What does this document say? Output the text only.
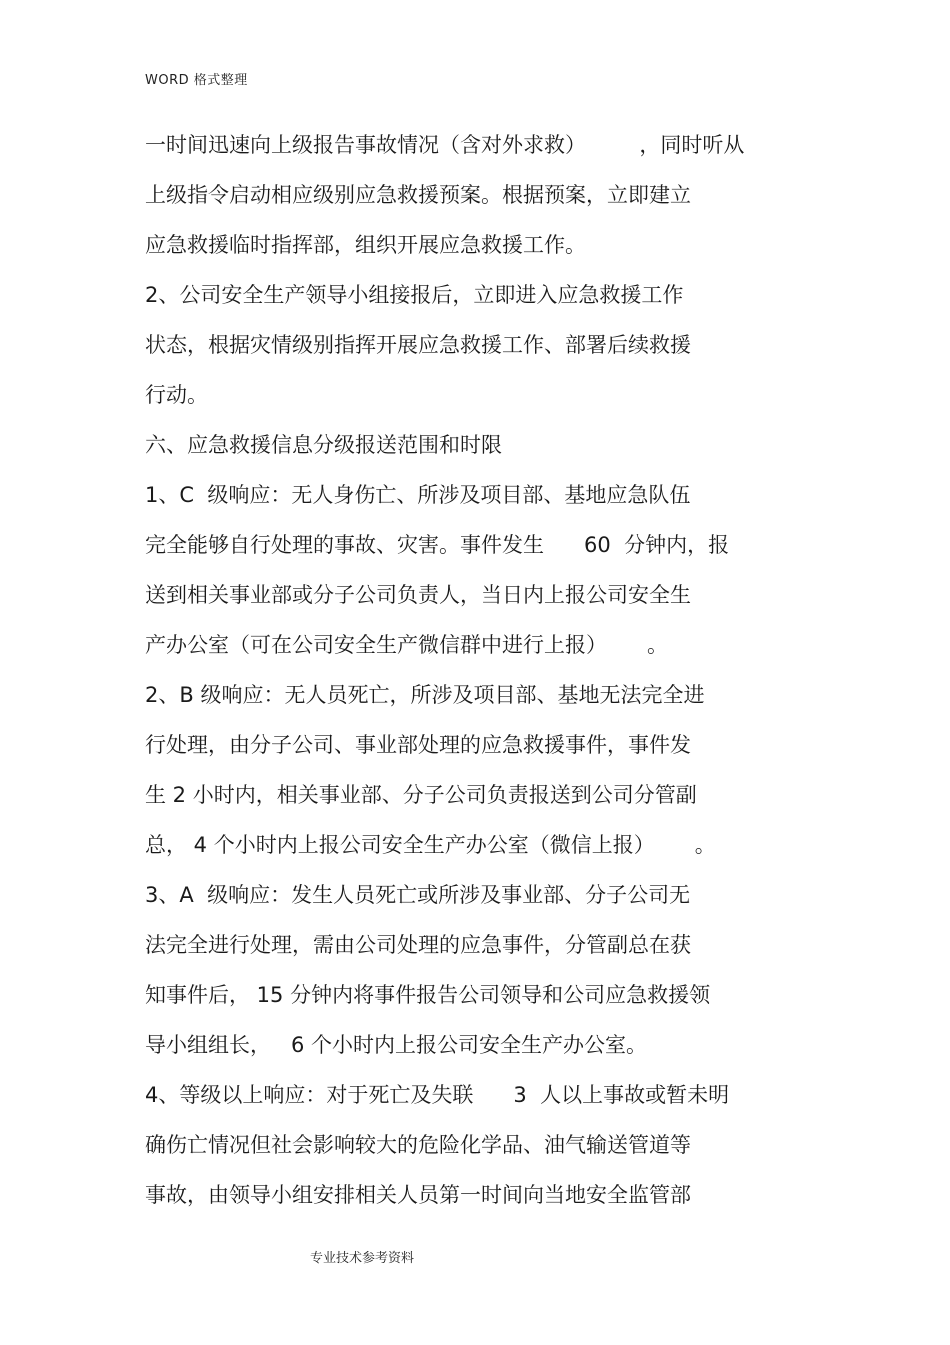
WORD 格式整理
一时间迅速向上级报告事故情况（含对外求救）        ，同时听从
上级指令启动相应级别应急救援预案。根据预案，立即建立
应急救援临时指挥部，组织开展应急救援工作。
2、公司安全生产领导小组接报后，立即进入应急救援工作
状态，根据灾情级别指挥开展应急救援工作、部署后续救援
行动。
六、应急救援信息分级报送范围和时限
1、C  级响应：无人身伤亡、所涉及项目部、基地应急队伍
完全能够自行处理的事故、灾害。事件发生      60  分钟内，报
送到相关事业部或分子公司负责人，当日内上报公司安全生
产办公室（可在公司安全生产微信群中进行上报）      。
2、B 级响应：无人员死亡，所涉及项目部、基地无法完全进
行处理，由分子公司、事业部处理的应急救援事件，事件发
生 2 小时内，相关事业部、分子公司负责报送到公司分管副
总， 4 个小时内上报公司安全生产办公室（微信上报）      。
3、A  级响应：发生人员死亡或所涉及事业部、分子公司无
法完全进行处理，需由公司处理的应急事件，分管副总在获
知事件后， 15 分钟内将事件报告公司领导和公司应急救援领
导小组组长，   6 个小时内上报公司安全生产办公室。
4、等级以上响应：对于死亡及失联      3  人以上事故或暂未明
确伤亡情况但社会影响较大的危险化学品、油气输送管道等
事故，由领导小组安排相关人员第一时间向当地安全监管部
专业技术参考资料
